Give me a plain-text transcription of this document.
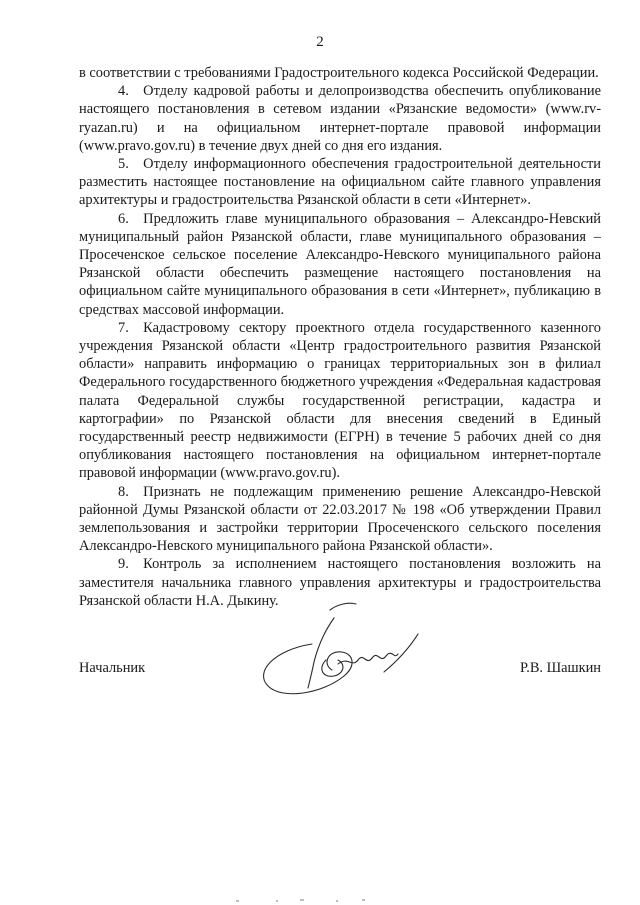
2

в соответствии с требованиями Градостроительного кодекса Российской Федерации.

4. Отделу кадровой работы и делопроизводства обеспечить опубликование настоящего постановления в сетевом издании «Рязанские ведомости» (www.rv-ryazan.ru) и на официальном интернет-портале правовой информации (www.pravo.gov.ru) в течение двух дней со дня его издания.

5. Отделу информационного обеспечения градостроительной деятельности разместить настоящее постановление на официальном сайте главного управления архитектуры и градостроительства Рязанской области в сети «Интернет».

6. Предложить главе муниципального образования – Александро-Невский муниципальный район Рязанской области, главе муниципального образования – Просеченское сельское поселение Александро-Невского муниципального района Рязанской области обеспечить размещение настоящего постановления на официальном сайте муниципального образования в сети «Интернет», публикацию в средствах массовой информации.

7. Кадастровому сектору проектного отдела государственного казенного учреждения Рязанской области «Центр градостроительного развития Рязанской области» направить информацию о границах территориальных зон в филиал Федерального государственного бюджетного учреждения «Федеральная кадастровая палата Федеральной службы государственной регистрации, кадастра и картографии» по Рязанской области для внесения сведений в Единый государственный реестр недвижимости (ЕГРН) в течение 5 рабочих дней со дня опубликования настоящего постановления на официальном интернет-портале правовой информации (www.pravo.gov.ru).

8. Признать не подлежащим применению решение Александро-Невской районной Думы Рязанской области от 22.03.2017 № 198 «Об утверждении Правил землепользования и застройки территории Просеченского сельского поселения Александро-Невского муниципального района Рязанской области».

9. Контроль за исполнением настоящего постановления возложить на заместителя начальника главного управления архитектуры и градостроительства Рязанской области Н.А. Дыкину.

Начальник	Р.В. Шашкин
